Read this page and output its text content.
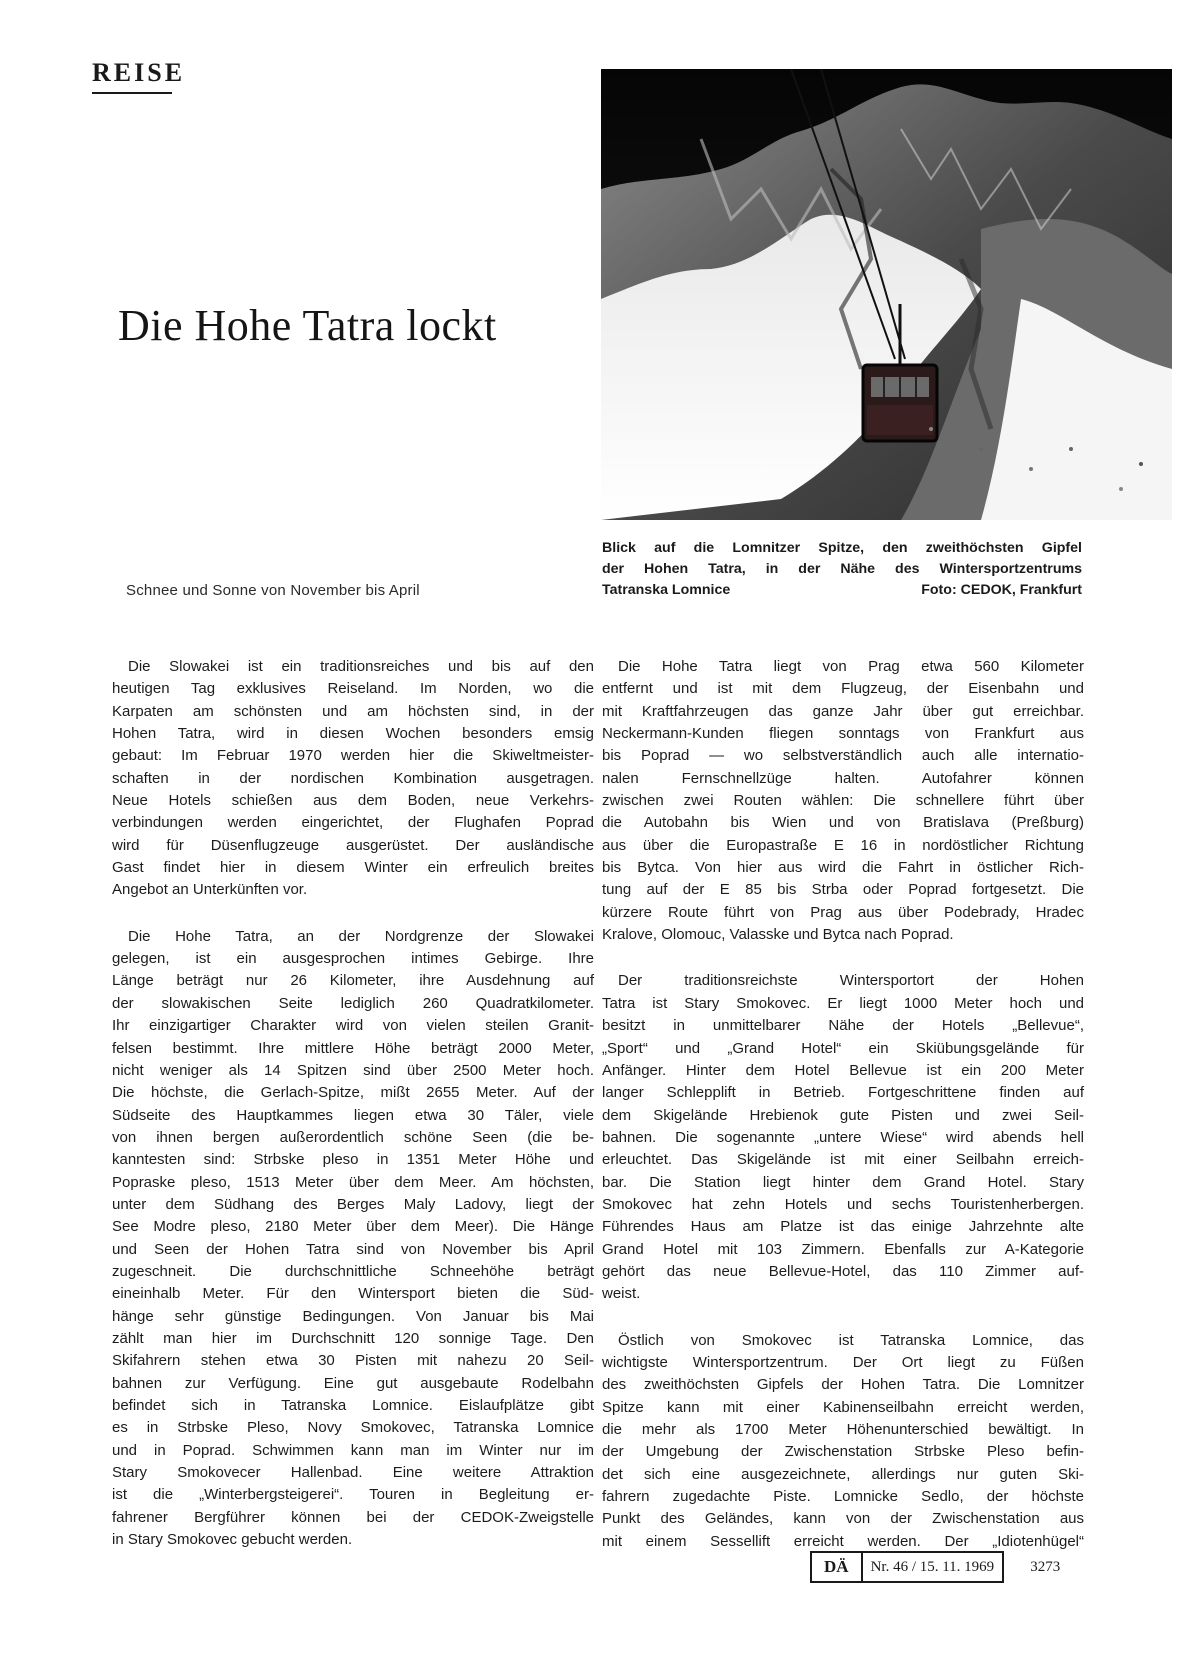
REISE
Die Hohe Tatra lockt
Schnee und Sonne von November bis April
Blick auf die Lomnitzer Spitze, den zweithöchsten Gipfel
der Hohen Tatra, in der Nähe des Wintersportzentrums
Tatranska Lomnice	Foto: CEDOK, Frankfurt
Die Slowakei ist ein traditionsreiches und bis auf den
heutigen Tag exklusives Reiseland. Im Norden, wo die
Karpaten am schönsten und am höchsten sind, in der
Hohen Tatra, wird in diesen Wochen besonders emsig
gebaut: Im Februar 1970 werden hier die Skiweltmeister-
schaften in der nordischen Kombination ausgetragen.
Neue Hotels schießen aus dem Boden, neue Verkehrs-
verbindungen werden eingerichtet, der Flughafen Poprad
wird für Düsenflugzeuge ausgerüstet. Der ausländische
Gast findet hier in diesem Winter ein erfreulich breites
Angebot an Unterkünften vor.
Die Hohe Tatra, an der Nordgrenze der Slowakei
gelegen, ist ein ausgesprochen intimes Gebirge. Ihre
Länge beträgt nur 26 Kilometer, ihre Ausdehnung auf
der slowakischen Seite lediglich 260 Quadratkilometer.
Ihr einzigartiger Charakter wird von vielen steilen Granit-
felsen bestimmt. Ihre mittlere Höhe beträgt 2000 Meter,
nicht weniger als 14 Spitzen sind über 2500 Meter hoch.
Die höchste, die Gerlach-Spitze, mißt 2655 Meter. Auf der
Südseite des Hauptkammes liegen etwa 30 Täler, viele
von ihnen bergen außerordentlich schöne Seen (die be-
kanntesten sind: Strbske pleso in 1351 Meter Höhe und
Popraske pleso, 1513 Meter über dem Meer. Am höchsten,
unter dem Südhang des Berges Maly Ladovy, liegt der
See Modre pleso, 2180 Meter über dem Meer). Die Hänge
und Seen der Hohen Tatra sind von November bis April
zugeschneit. Die durchschnittliche Schneehöhe beträgt
eineinhalb Meter. Für den Wintersport bieten die Süd-
hänge sehr günstige Bedingungen. Von Januar bis Mai
zählt man hier im Durchschnitt 120 sonnige Tage. Den
Skifahrern stehen etwa 30 Pisten mit nahezu 20 Seil-
bahnen zur Verfügung. Eine gut ausgebaute Rodelbahn
befindet sich in Tatranska Lomnice. Eislaufplätze gibt
es in Strbske Pleso, Novy Smokovec, Tatranska Lomnice
und in Poprad. Schwimmen kann man im Winter nur im
Stary Smokovecer Hallenbad. Eine weitere Attraktion
ist die „Winterbergsteigerei“. Touren in Begleitung er-
fahrener Bergführer können bei der CEDOK-Zweigstelle
in Stary Smokovec gebucht werden.
Die Hohe Tatra liegt von Prag etwa 560 Kilometer
entfernt und ist mit dem Flugzeug, der Eisenbahn und
mit Kraftfahrzeugen das ganze Jahr über gut erreichbar.
Neckermann-Kunden fliegen sonntags von Frankfurt aus
bis Poprad — wo selbstverständlich auch alle internatio-
nalen Fernschnellzüge halten. Autofahrer können
zwischen zwei Routen wählen: Die schnellere führt über
die Autobahn bis Wien und von Bratislava (Preßburg)
aus über die Europastraße E 16 in nordöstlicher Richtung
bis Bytca. Von hier aus wird die Fahrt in östlicher Rich-
tung auf der E 85 bis Strba oder Poprad fortgesetzt. Die
kürzere Route führt von Prag aus über Podebrady, Hradec
Kralove, Olomouc, Valasske und Bytca nach Poprad.
Der traditionsreichste Wintersportort der Hohen
Tatra ist Stary Smokovec. Er liegt 1000 Meter hoch und
besitzt in unmittelbarer Nähe der Hotels „Bellevue“,
„Sport“ und „Grand Hotel“ ein Skiübungsgelände für
Anfänger. Hinter dem Hotel Bellevue ist ein 200 Meter
langer Schlepplift in Betrieb. Fortgeschrittene finden auf
dem Skigelände Hrebienok gute Pisten und zwei Seil-
bahnen. Die sogenannte „untere Wiese“ wird abends hell
erleuchtet. Das Skigelände ist mit einer Seilbahn erreich-
bar. Die Station liegt hinter dem Grand Hotel. Stary
Smokovec hat zehn Hotels und sechs Touristenherbergen.
Führendes Haus am Platze ist das einige Jahrzehnte alte
Grand Hotel mit 103 Zimmern. Ebenfalls zur A-Kategorie
gehört das neue Bellevue-Hotel, das 110 Zimmer auf-
weist.
Östlich von Smokovec ist Tatranska Lomnice, das
wichtigste Wintersportzentrum. Der Ort liegt zu Füßen
des zweithöchsten Gipfels der Hohen Tatra. Die Lomnitzer
Spitze kann mit einer Kabinenseilbahn erreicht werden,
die mehr als 1700 Meter Höhenunterschied bewältigt. In
der Umgebung der Zwischenstation Strbske Pleso befin-
det sich eine ausgezeichnete, allerdings nur guten Ski-
fahrern zugedachte Piste. Lomnicke Sedlo, der höchste
Punkt des Geländes, kann von der Zwischenstation aus
mit einem Sessellift erreicht werden. Der „Idiotenhügel“
DÄ	Nr. 46 / 15. 11. 1969	3273
